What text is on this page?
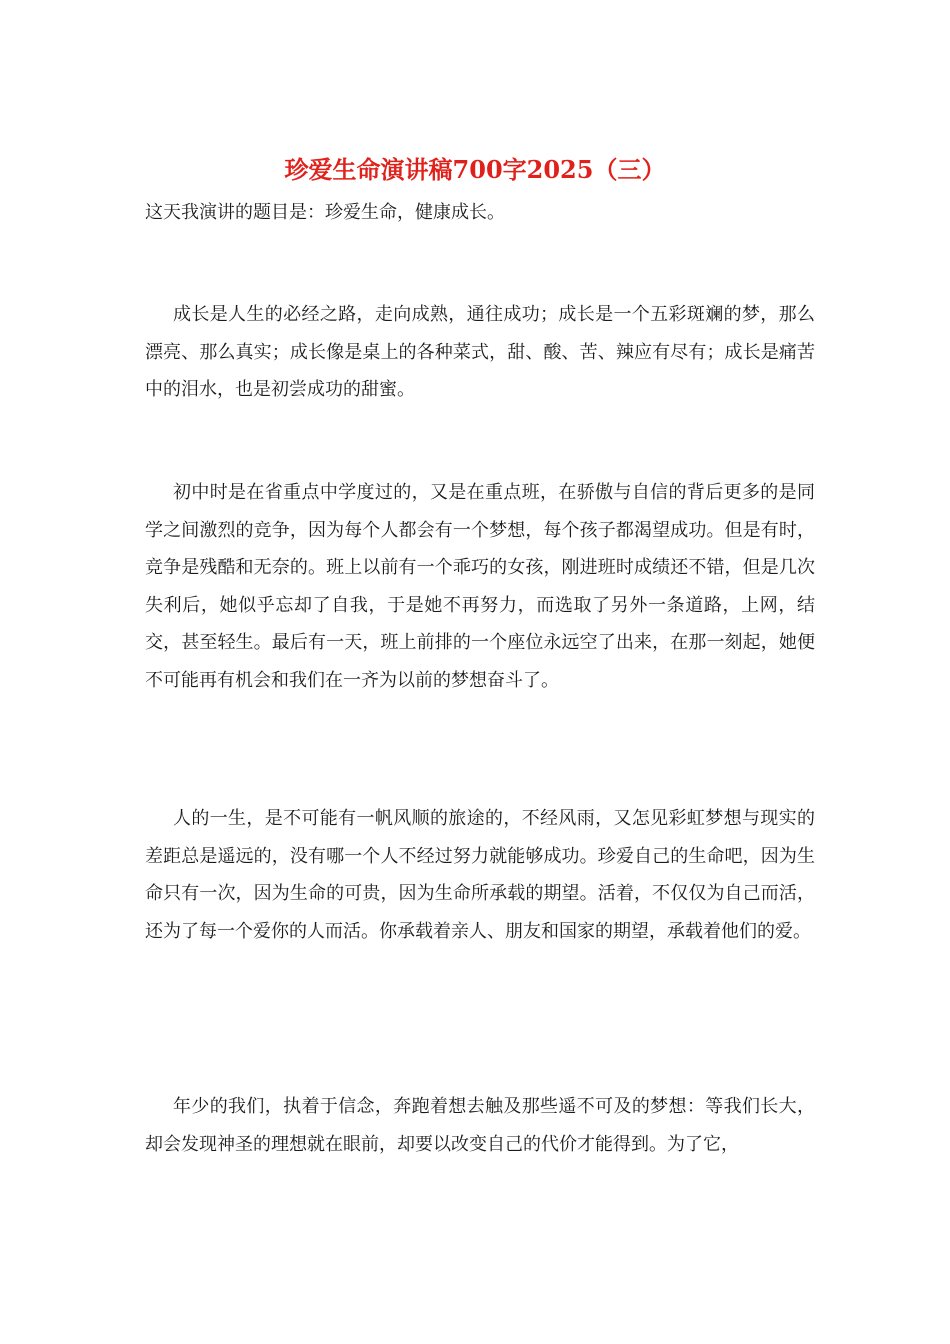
珍爱生命演讲稿700字2025（三）

这天我演讲的题目是：珍爱生命，健康成长。

成长是人生的必经之路，走向成熟，通往成功；成长是一个五彩斑斓的梦，那么漂亮、那么真实；成长像是桌上的各种菜式，甜、酸、苦、辣应有尽有；成长是痛苦中的泪水，也是初尝成功的甜蜜。

初中时是在省重点中学度过的，又是在重点班，在骄傲与自信的背后更多的是同学之间激烈的竞争，因为每个人都会有一个梦想，每个孩子都渴望成功。但是有时，竞争是残酷和无奈的。班上以前有一个乖巧的女孩，刚进班时成绩还不错，但是几次失利后，她似乎忘却了自我，于是她不再努力，而选取了另外一条道路，上网，结交，甚至轻生。最后有一天，班上前排的一个座位永远空了出来，在那一刻起，她便不可能再有机会和我们在一齐为以前的梦想奋斗了。

人的一生，是不可能有一帆风顺的旅途的，不经风雨，又怎见彩虹梦想与现实的差距总是遥远的，没有哪一个人不经过努力就能够成功。珍爱自己的生命吧，因为生命只有一次，因为生命的可贵，因为生命所承载的期望。活着，不仅仅为自己而活，还为了每一个爱你的人而活。你承载着亲人、朋友和国家的期望，承载着他们的爱。

年少的我们，执着于信念，奔跑着想去触及那些遥不可及的梦想：等我们长大，却会发现神圣的理想就在眼前，却要以改变自己的代价才能得到。为了它，
